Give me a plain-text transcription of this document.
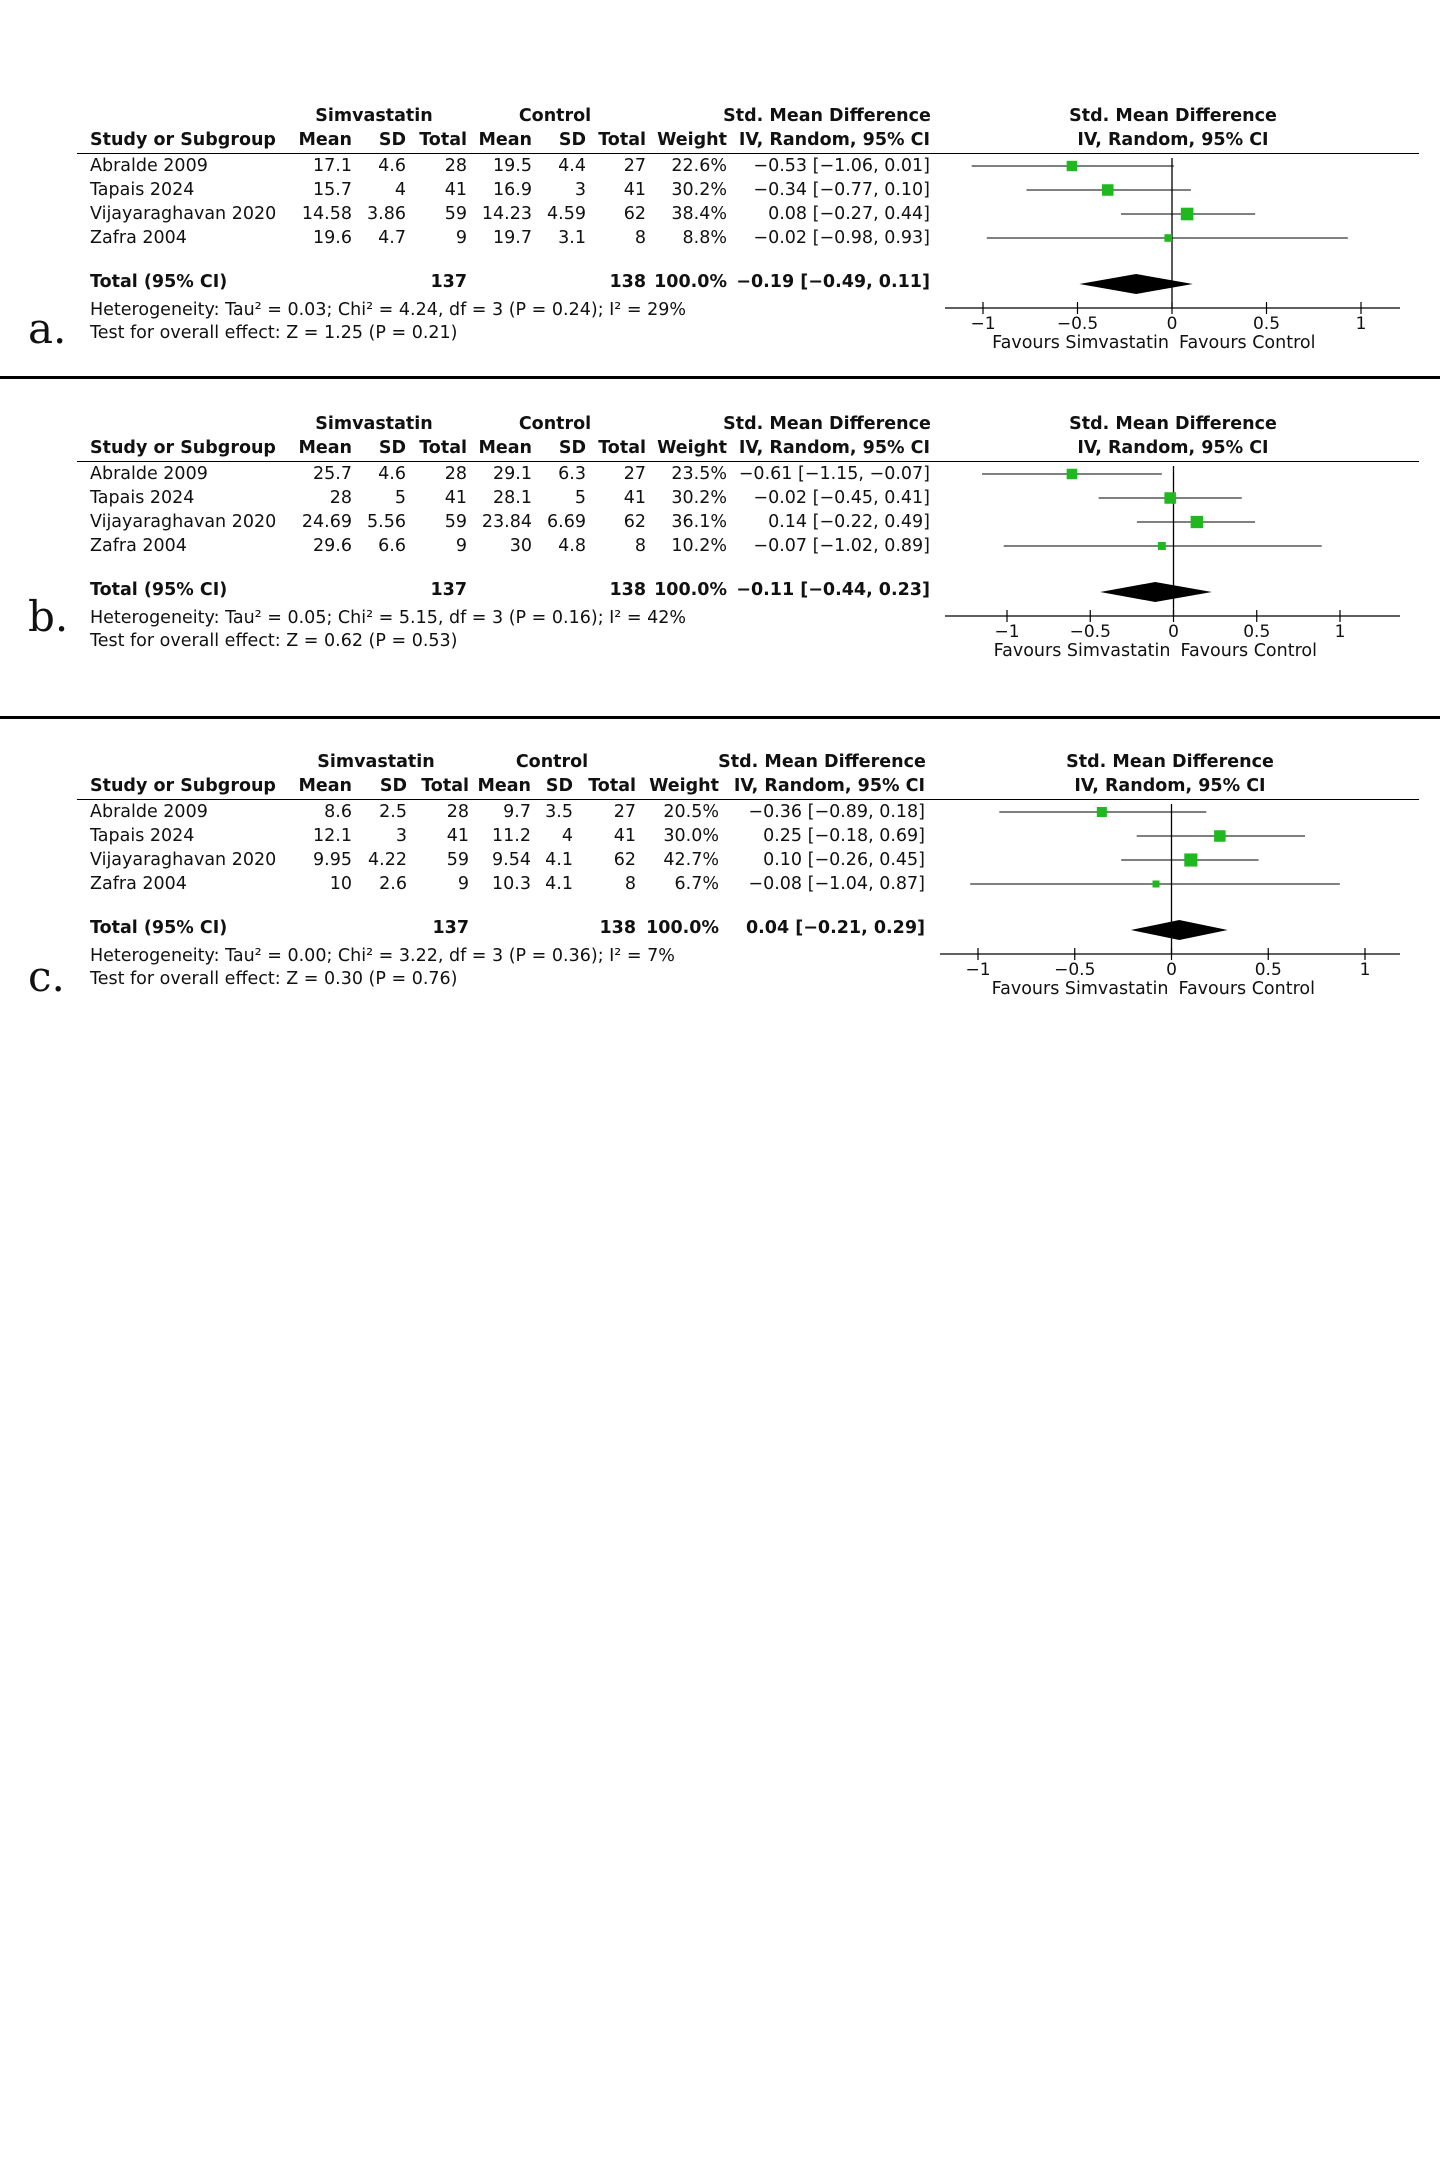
Simvastatin	Control	Std. Mean Difference	Std. Mean Difference
Study or Subgroup Mean SD Total Mean SD Total Weight IV, Random, 95% CI	IV, Random, 95% CI
Abralde 2009	17.1 4.6 28 19.5 4.4 27 22.6% −0.53 [−1.06, 0.01]
Tapais 2024	15.7 4 41 16.9 3 41 30.2% −0.34 [−0.77, 0.10]
Vijayaraghavan 2020 14.58 3.86 59 14.23 4.59 62 38.4% 0.08 [−0.27, 0.44]
Zafra 2004	19.6 4.7	9 19.7 3.1	8 8.8% −0.02 [−0.98, 0.93]
Total (95% CI)	137	138 100.0% −0.19 [−0.49, 0.11]
Heterogeneity: Tau² = 0.03; Chi² = 4.24, df = 3 (P = 0.24); I² = 29%
Test for overall effect: Z = 1.25 (P = 0.21)
a.	−1	−0.5	0	0.5	1
Favours Simvastatin Favours Control
Simvastatin	Control	Std. Mean Difference	Std. Mean Difference
Study or Subgroup Mean SD Total Mean SD Total Weight IV, Random, 95% CI	IV, Random, 95% CI
Abralde 2009	25.7 4.6 28 29.1 6.3 27 23.5% −0.61 [−1.15, −0.07]
Tapais 2024	28 5 41 28.1 5 41 30.2% −0.02 [−0.45, 0.41]
Vijayaraghavan 2020 24.69 5.56 59 23.84 6.69 62 36.1% 0.14 [−0.22, 0.49]
Zafra 2004	29.6 6.6	9 30 4.8	8 10.2% −0.07 [−1.02, 0.89]
Total (95% CI)	137	138 100.0% −0.11 [−0.44, 0.23]
Heterogeneity: Tau² = 0.05; Chi² = 5.15, df = 3 (P = 0.16); I² = 42%
Test for overall effect: Z = 0.62 (P = 0.53)
b.	−1	−0.5	0	0.5	1
Favours Simvastatin Favours Control
Simvastatin	Control	Std. Mean Difference	Std. Mean Difference
Study or Subgroup Mean SD Total Mean SD Total Weight IV, Random, 95% CI	IV, Random, 95% CI
Abralde 2009	8.6 2.5 28 9.7 3.5 27 20.5% −0.36 [−0.89, 0.18]
Tapais 2024	12.1	3 41 11.2 4 41 30.0%	0.25 [−0.18, 0.69]
Vijayaraghavan 2020 9.95 4.22 59 9.54 4.1 62 42.7%	0.10 [−0.26, 0.45]
Zafra 2004	10 2.6	9 10.3 4.1	8 6.7% −0.08 [−1.04, 0.87]
Total (95% CI)	137	138 100.0% 0.04 [−0.21, 0.29]
Heterogeneity: Tau² = 0.00; Chi² = 3.22, df = 3 (P = 0.36); I² = 7%
Test for overall effect: Z = 0.30 (P = 0.76)
c.	−1	−0.5	0	0.5	1
Favours Simvastatin Favours Control
